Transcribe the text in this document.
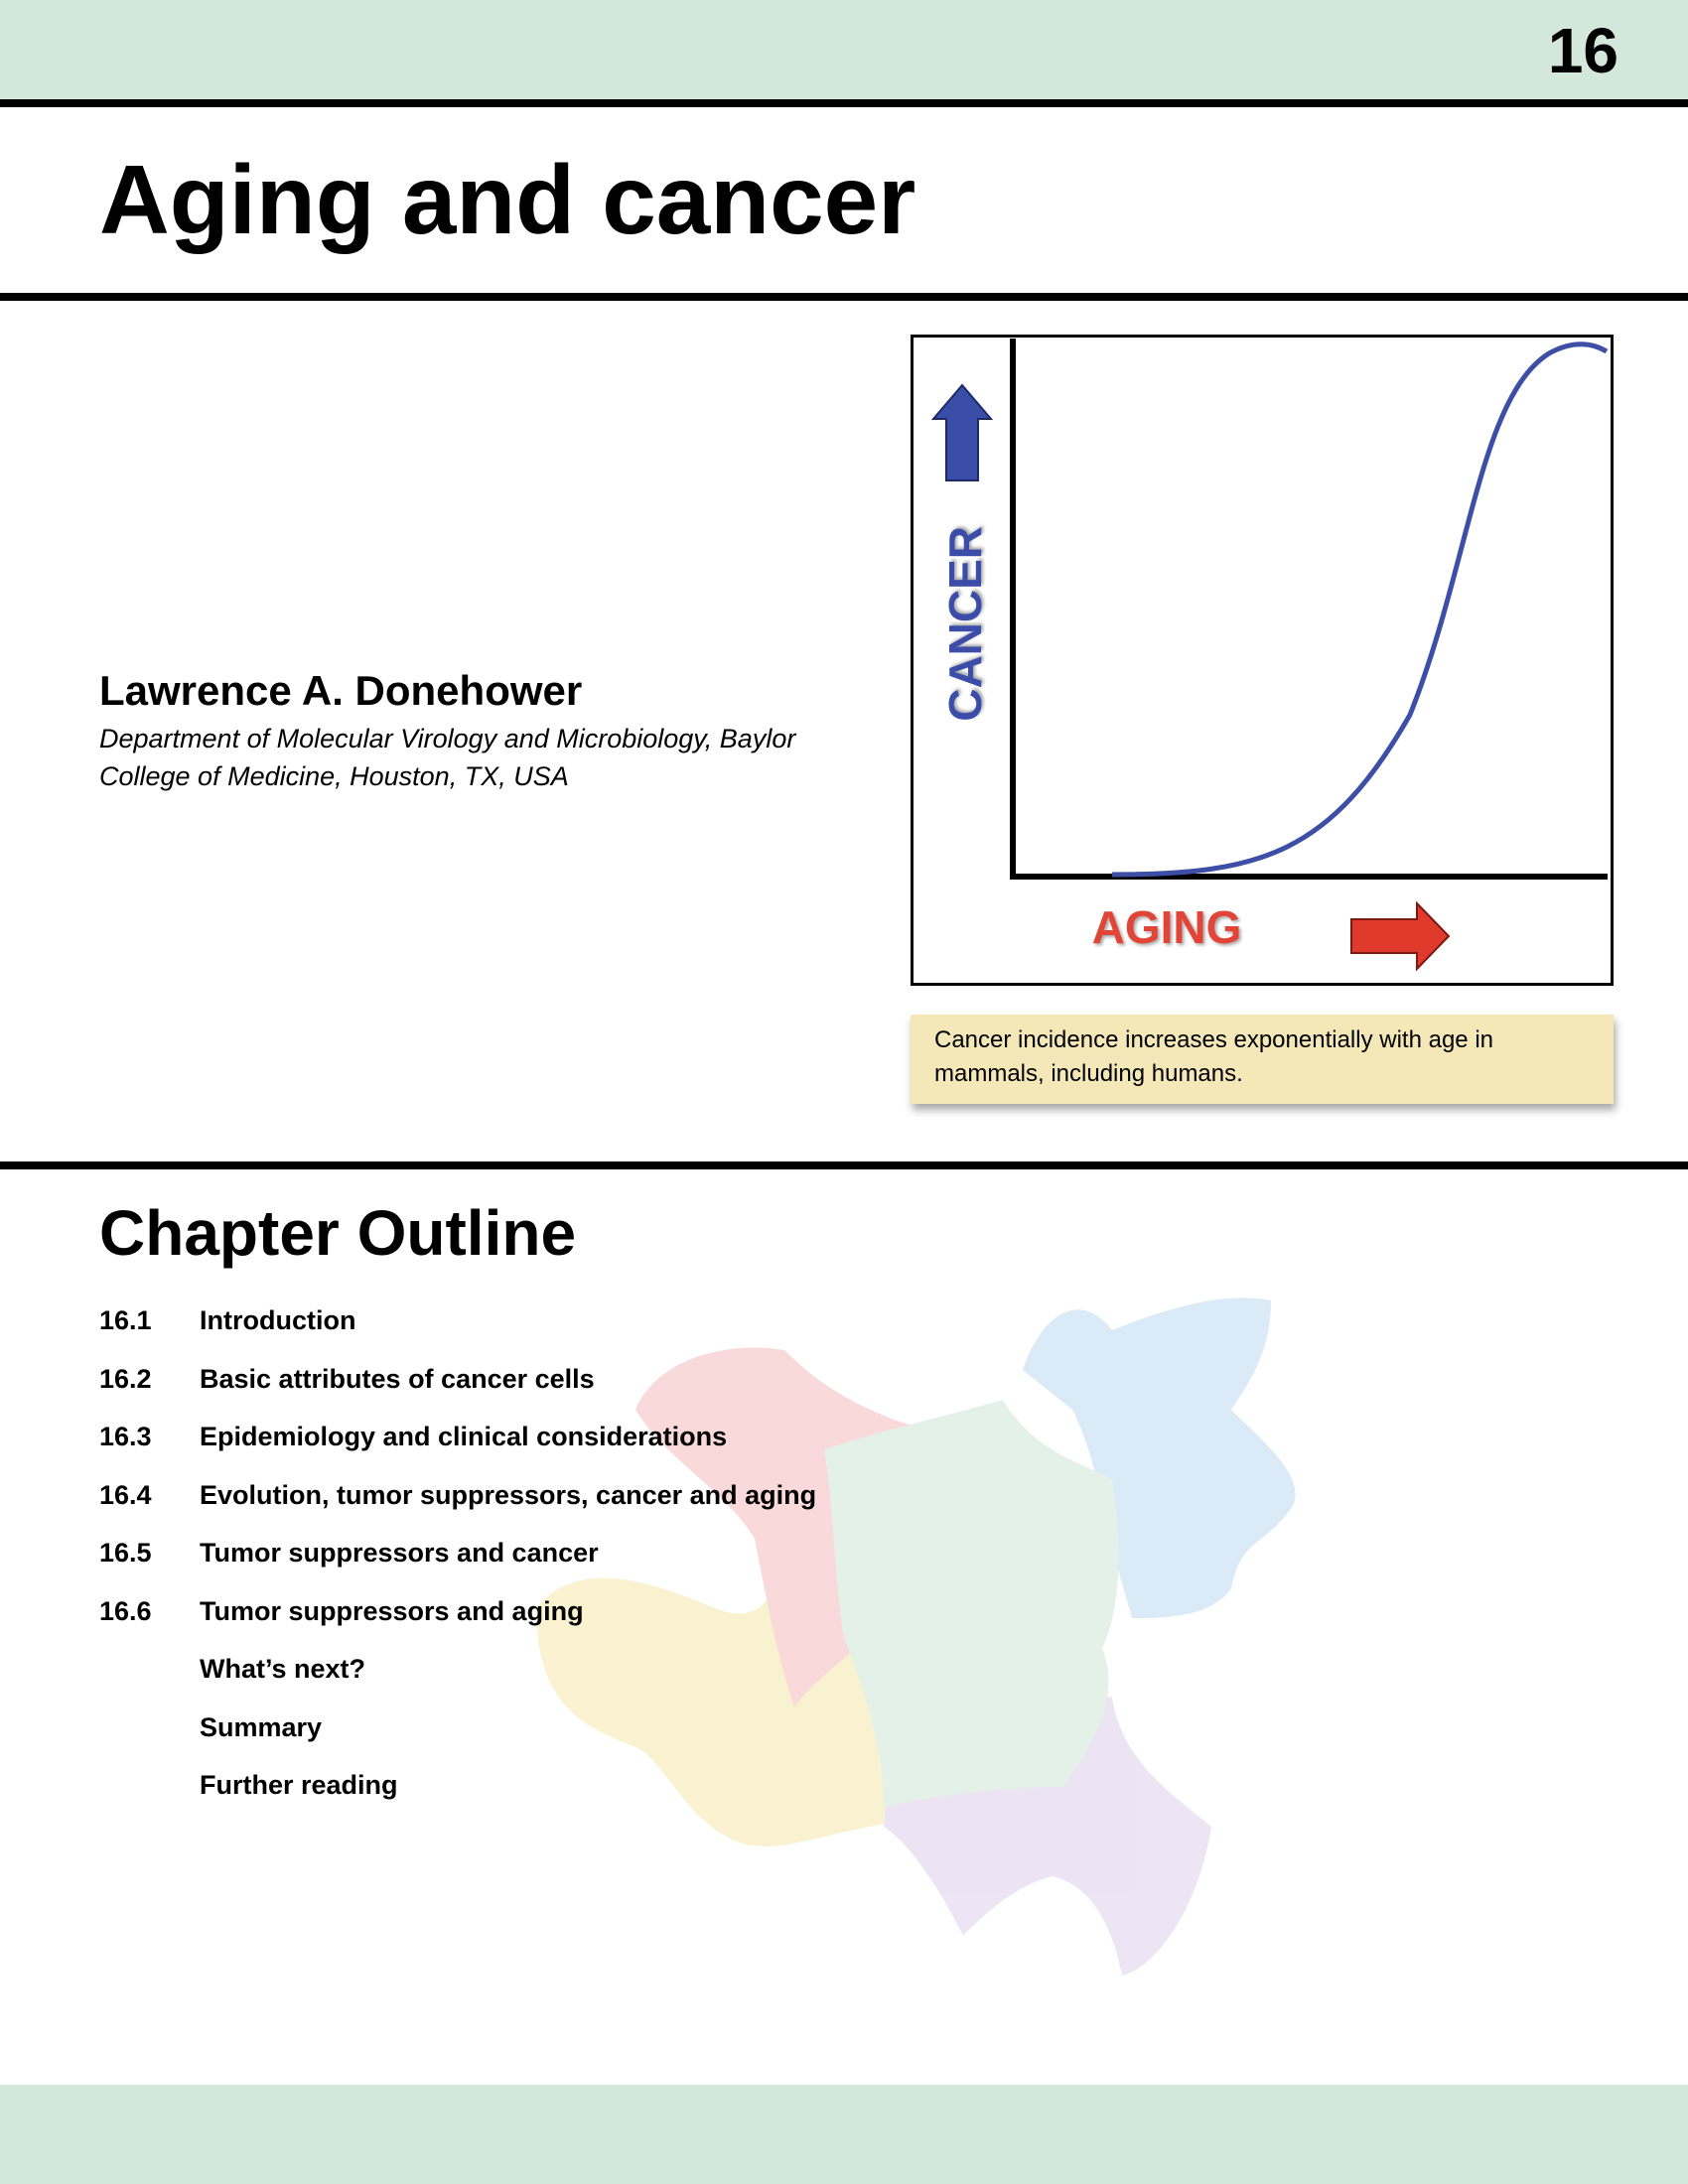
16
Aging and cancer
Lawrence A. Donehower
Department of Molecular Virology and Microbiology, Baylor College of Medicine, Houston, TX, USA
CANCER
AGING
Cancer incidence increases exponentially with age in mammals, including humans.
Chapter Outline
16.1 Introduction
16.2 Basic attributes of cancer cells
16.3 Epidemiology and clinical considerations
16.4 Evolution, tumor suppressors, cancer and aging
16.5 Tumor suppressors and cancer
16.6 Tumor suppressors and aging
What’s next?
Summary
Further reading
